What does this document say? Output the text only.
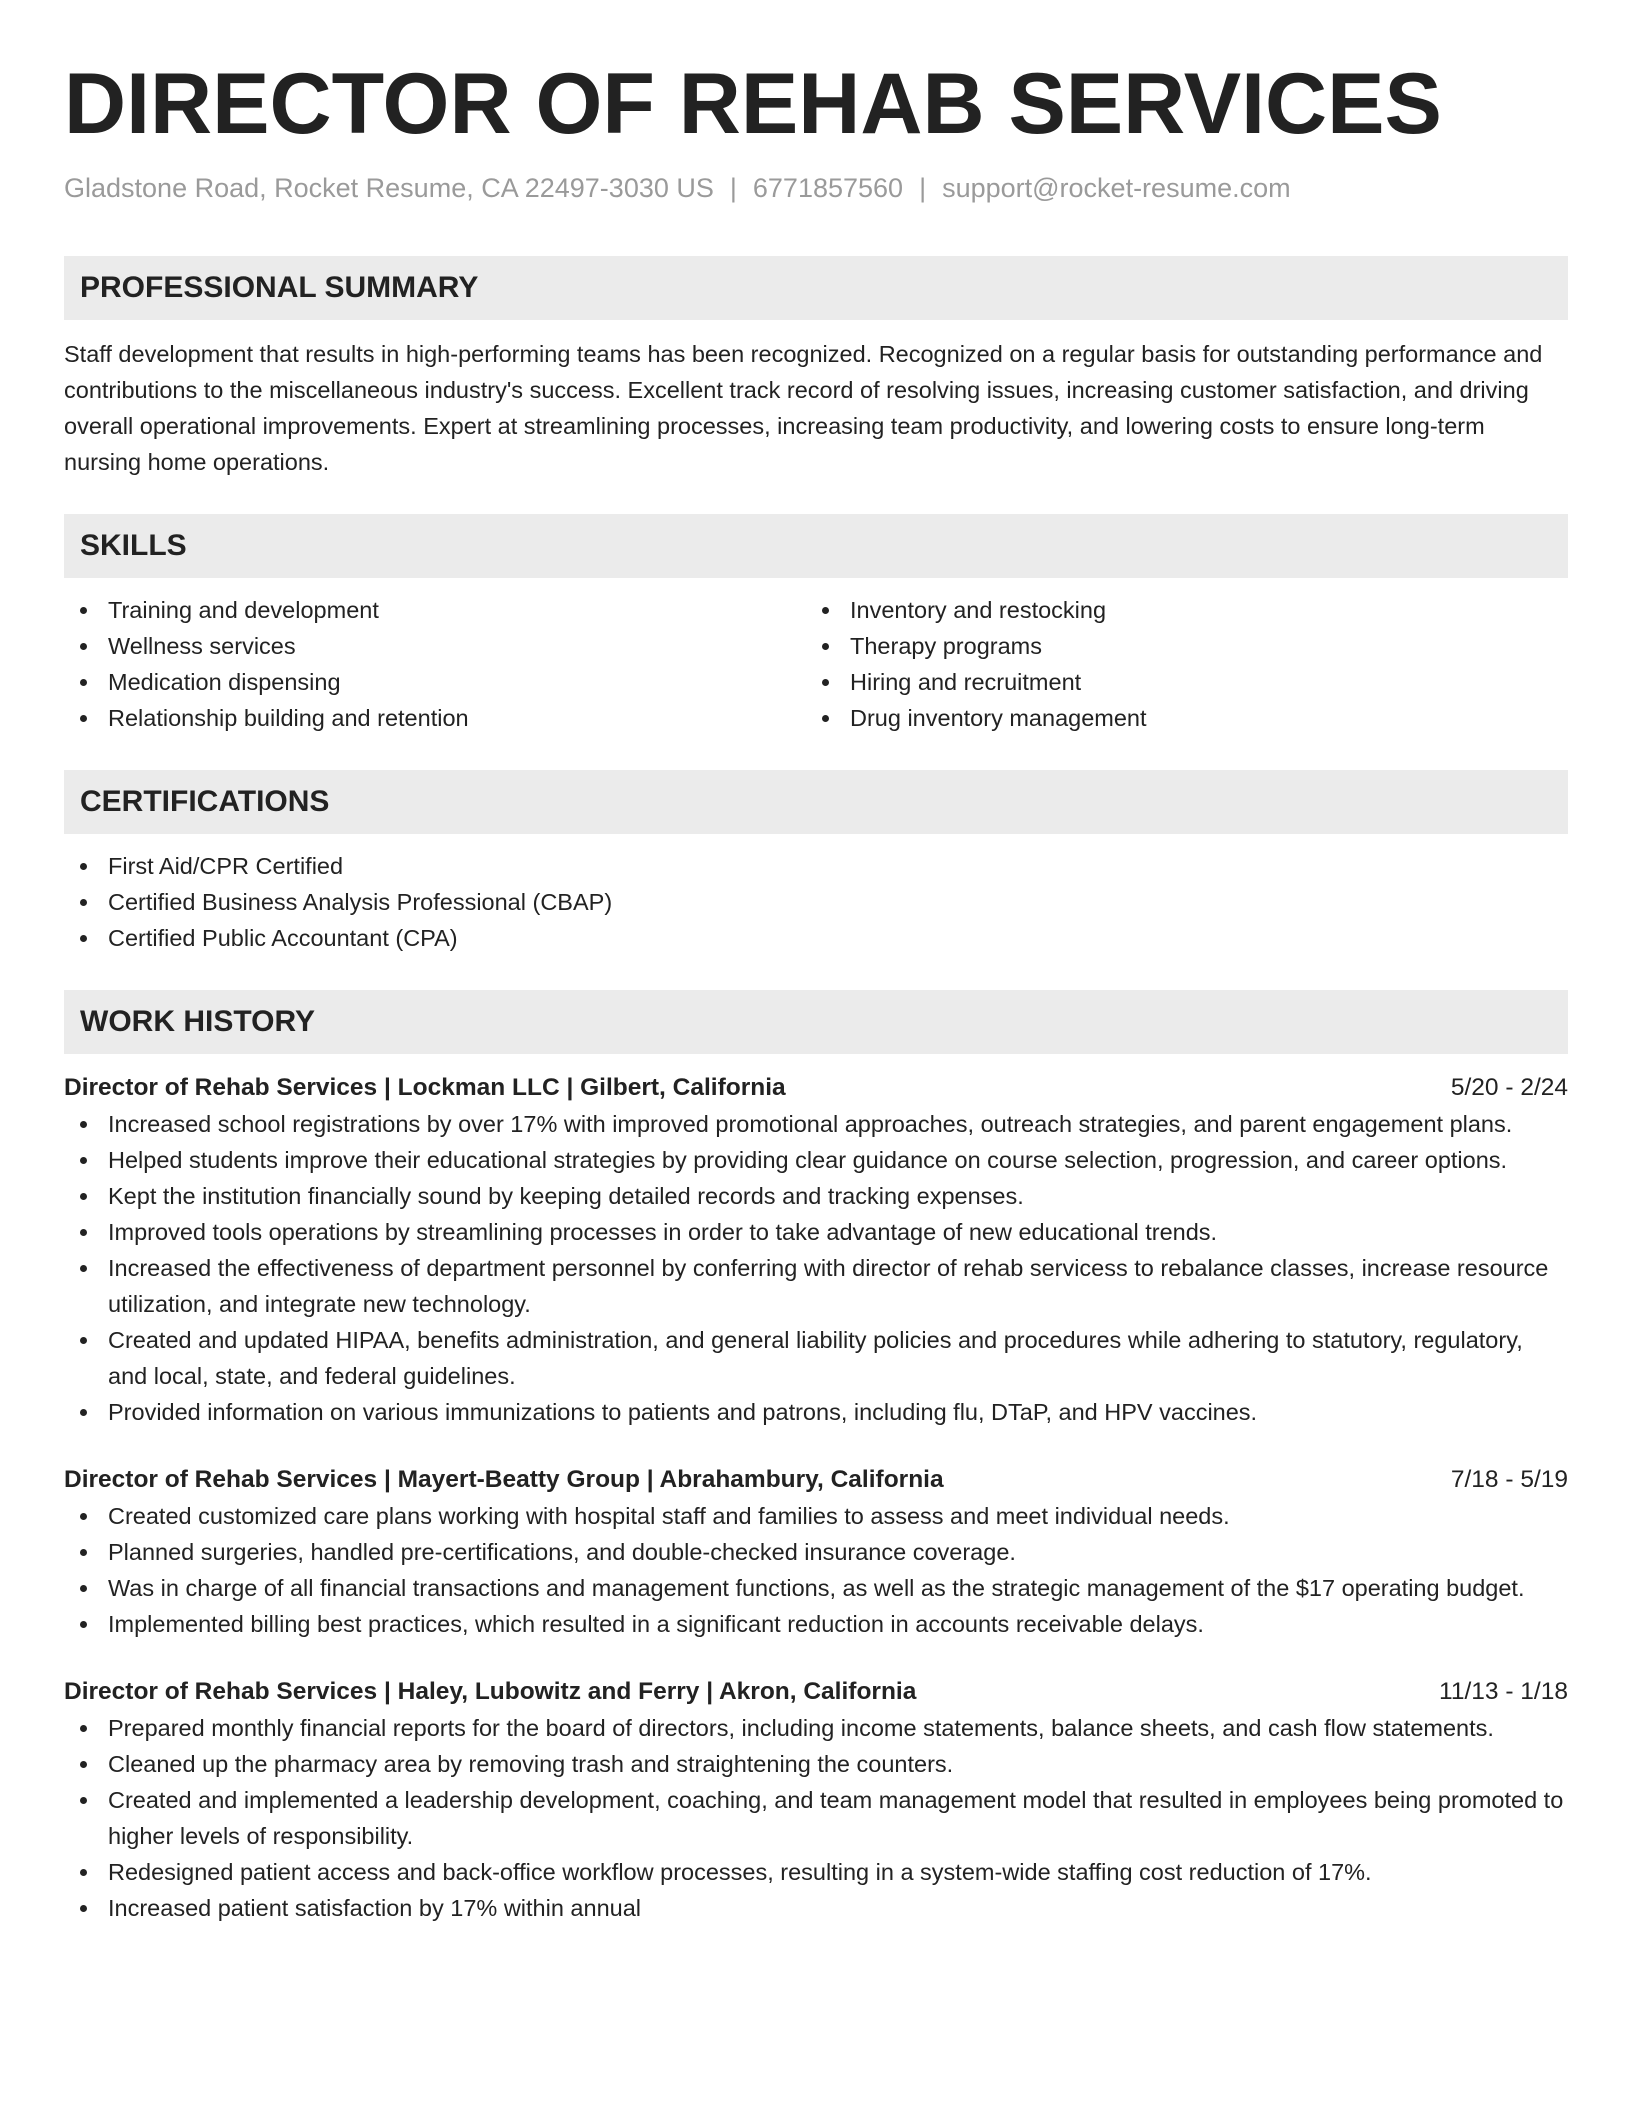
DIRECTOR OF REHAB SERVICES
Gladstone Road, Rocket Resume, CA 22497-3030 US | 6771857560 | support@rocket-resume.com
PROFESSIONAL SUMMARY

Staff development that results in high-performing teams has been recognized. Recognized on a regular basis for outstanding performance and contributions to the miscellaneous industry's success. Excellent track record of resolving issues, increasing customer satisfaction, and driving overall operational improvements. Expert at streamlining processes, increasing team productivity, and lowering costs to ensure long-term nursing home operations.

SKILLS
Training and development
Wellness services
Medication dispensing
Relationship building and retention
Inventory and restocking
Therapy programs
Hiring and recruitment
Drug inventory management
CERTIFICATIONS
First Aid/CPR Certified
Certified Business Analysis Professional (CBAP)
Certified Public Accountant (CPA)
WORK HISTORY
Director of Rehab Services | Lockman LLC | Gilbert, California	5/20 - 2/24
Increased school registrations by over 17% with improved promotional approaches, outreach strategies, and parent engagement plans.
Helped students improve their educational strategies by providing clear guidance on course selection, progression, and career options.
Kept the institution financially sound by keeping detailed records and tracking expenses.
Improved tools operations by streamlining processes in order to take advantage of new educational trends.
Increased the effectiveness of department personnel by conferring with director of rehab servicess to rebalance classes, increase resource utilization, and integrate new technology.
Created and updated HIPAA, benefits administration, and general liability policies and procedures while adhering to statutory, regulatory, and local, state, and federal guidelines.
Provided information on various immunizations to patients and patrons, including flu, DTaP, and HPV vaccines.
Director of Rehab Services | Mayert-Beatty Group | Abrahambury, California	7/18 - 5/19
Created customized care plans working with hospital staff and families to assess and meet individual needs.
Planned surgeries, handled pre-certifications, and double-checked insurance coverage.
Was in charge of all financial transactions and management functions, as well as the strategic management of the $17 operating budget.
Implemented billing best practices, which resulted in a significant reduction in accounts receivable delays.
Director of Rehab Services | Haley, Lubowitz and Ferry | Akron, California	11/13 - 1/18
Prepared monthly financial reports for the board of directors, including income statements, balance sheets, and cash flow statements.
Cleaned up the pharmacy area by removing trash and straightening the counters.
Created and implemented a leadership development, coaching, and team management model that resulted in employees being promoted to higher levels of responsibility.
Redesigned patient access and back-office workflow processes, resulting in a system-wide staffing cost reduction of 17%.
Increased patient satisfaction by 17% within annual
